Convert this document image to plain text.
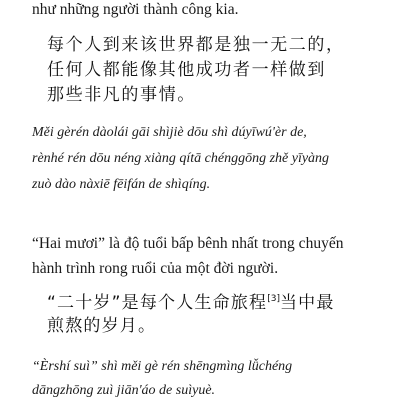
như những người thành công kia.
每个人到来该世界都是独一无二的，
任何人都能像其他成功者一样做到
那些非凡的事情。
Měi gèrén dàolái gāi shìjiè dōu shì dúyīwú'èr de,
rènhé rén dōu néng xiàng qítā chénggōng zhě yīyàng
zuò dào nàxiē fēifán de shìqíng.
“Hai mươi” là độ tuổi bấp bênh nhất trong chuyến
hành trình rong ruổi của một đời người.
“二十岁”是每个人生命旅程[3]当中最
煎熬的岁月。
“Èrshí suì” shì měi gè rén shēngmìng lǚchéng
dāngzhōng zuì jiān'áo de suìyuè.
